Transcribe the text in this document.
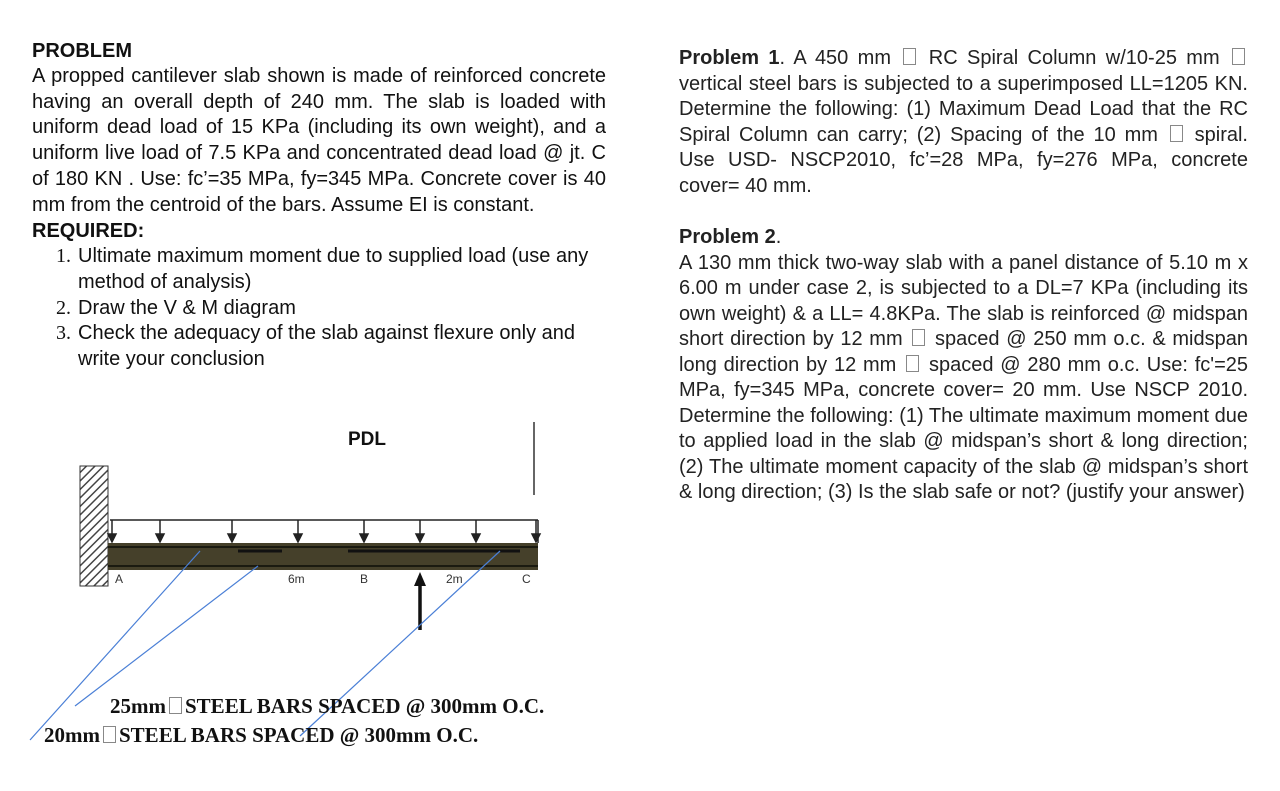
PROBLEM

A propped cantilever slab shown is made of reinforced concrete having an overall depth of 240 mm. The slab is loaded with uniform dead load of 15 KPa (including its own weight), and a uniform live load of 7.5 KPa and concentrated dead load @ jt. C of 180 KN . Use: fc’=35 MPa, fy=345 MPa. Concrete cover is 40 mm from the centroid of the bars. Assume EI is constant.

REQUIRED:

1. Ultimate maximum moment due to supplied load (use any method of analysis)
2. Draw the V & M diagram
3. Check the adequacy of the slab against flexure only and write your conclusion
PDL
A	6m	B	2m	C
25mm STEEL BARS SPACED @ 300mm O.C.
20mm STEEL BARS SPACED @ 300mm O.C.

Problem 1. A 450 mm RC Spiral Column w/10-25 mm  vertical steel bars is subjected to a superimposed LL=1205 KN. Determine the following: (1) Maximum Dead Load that the RC Spiral Column can carry; (2) Spacing of the 10 mm spiral. Use USD- NSCP2010, fc’=28 MPa, fy=276 MPa, concrete cover= 40 mm.

Problem 2.

A 130 mm thick two-way slab with a panel distance of 5.10 m x 6.00 m under case 2, is subjected to a DL=7 KPa (including its own weight) & a LL= 4.8KPa. The slab is reinforced @ midspan short direction by 12 mm spaced @ 250 mm o.c. & midspan long direction by 12 mm spaced @ 280 mm o.c. Use: fc'=25 MPa, fy=345 MPa, concrete cover= 20 mm. Use NSCP 2010. Determine the following: (1) The ultimate maximum moment due to applied load in the slab @ midspan’s short & long direction; (2) The ultimate moment capacity of the slab @ midspan’s short & long direction; (3) Is the slab safe or not? (justify your answer)
